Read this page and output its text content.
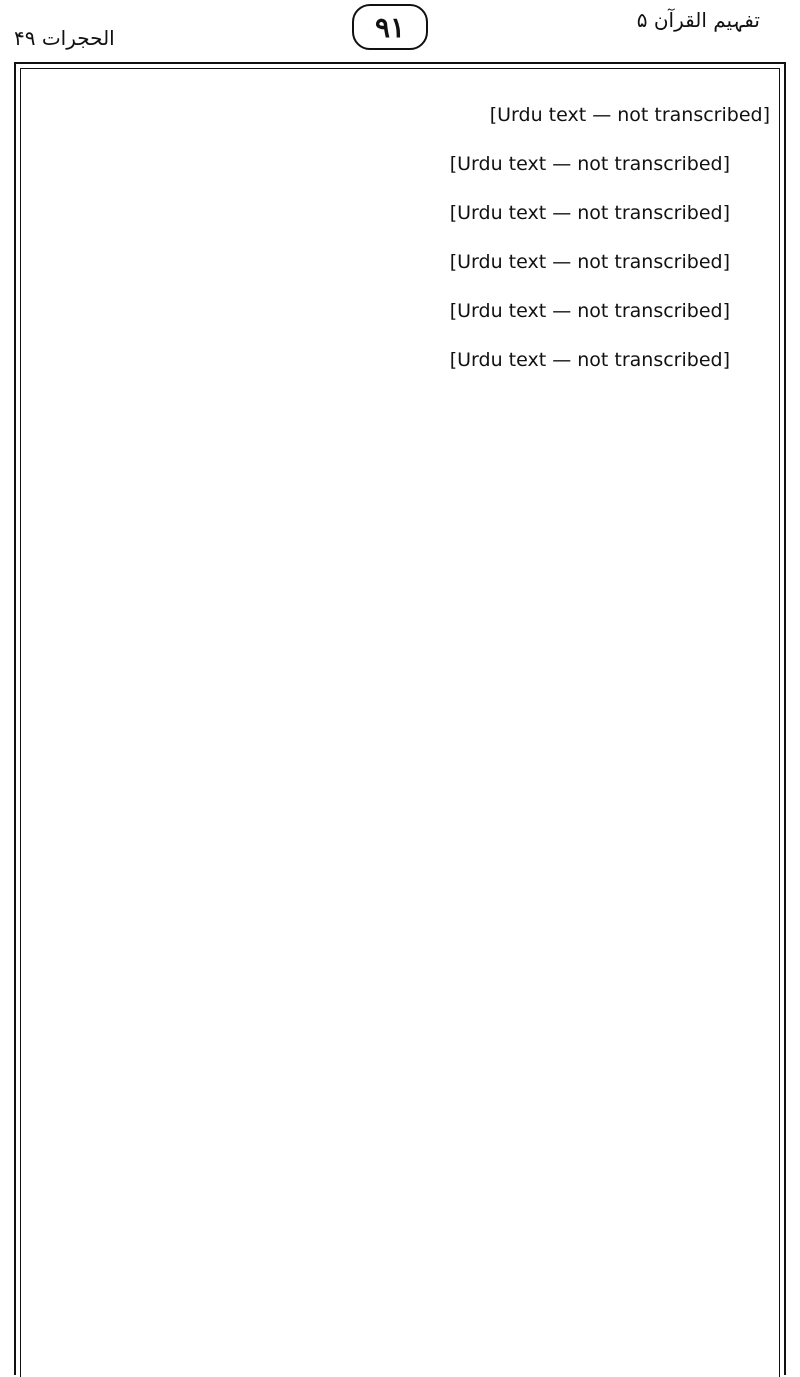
الحجرات ۴۹	٩١	تفہیم القرآن ۵

[Urdu text — not transcribed]

[Urdu text — not transcribed]

[Urdu text — not transcribed]

[Urdu text — not transcribed]

[Urdu text — not transcribed]

[Urdu text — not transcribed]
